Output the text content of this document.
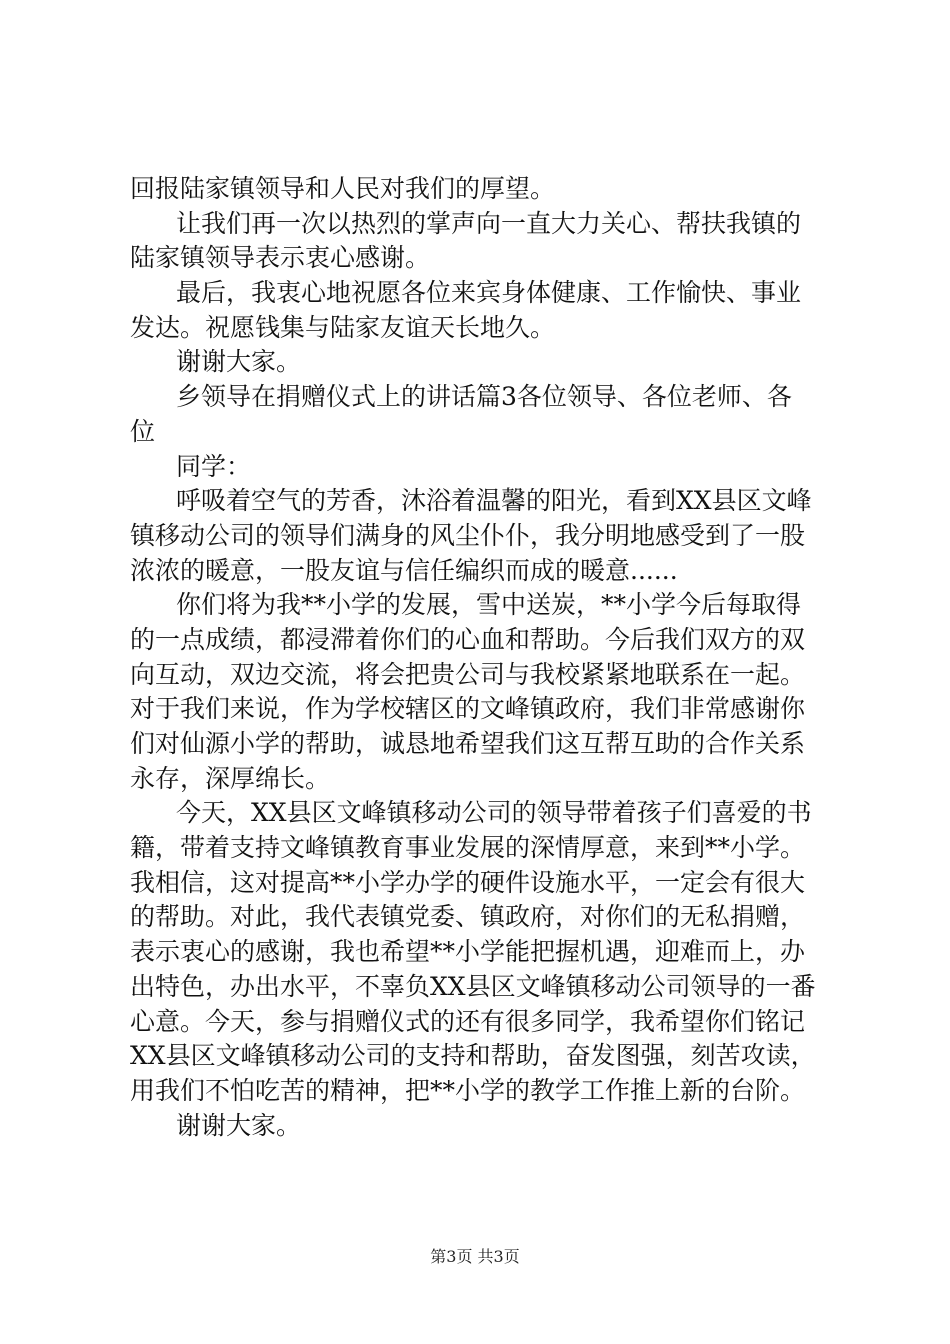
回报陆家镇领导和人民对我们的厚望。
让我们再一次以热烈的掌声向一直大力关心、帮扶我镇的
陆家镇领导表示衷心感谢。
最后，我衷心地祝愿各位来宾身体健康、工作愉快、事业
发达。祝愿钱集与陆家友谊天长地久。
谢谢大家。
乡领导在捐赠仪式上的讲话篇3各位领导、各位老师、各
位
同学：
呼吸着空气的芳香，沐浴着温馨的阳光，看到XX县区文峰
镇移动公司的领导们满身的风尘仆仆，我分明地感受到了一股
浓浓的暖意，一股友谊与信任编织而成的暖意......
你们将为我**小学的发展，雪中送炭，**小学今后每取得
的一点成绩，都浸滞着你们的心血和帮助。今后我们双方的双
向互动，双边交流，将会把贵公司与我校紧紧地联系在一起。
对于我们来说，作为学校辖区的文峰镇政府，我们非常感谢你
们对仙源小学的帮助，诚恳地希望我们这互帮互助的合作关系
永存，深厚绵长。
今天，XX县区文峰镇移动公司的领导带着孩子们喜爱的书
籍，带着支持文峰镇教育事业发展的深情厚意，来到**小学。
我相信，这对提高**小学办学的硬件设施水平，一定会有很大
的帮助。对此，我代表镇党委、镇政府，对你们的无私捐赠，
表示衷心的感谢，我也希望**小学能把握机遇，迎难而上，办
出特色，办出水平，不辜负XX县区文峰镇移动公司领导的一番
心意。今天，参与捐赠仪式的还有很多同学，我希望你们铭记
XX县区文峰镇移动公司的支持和帮助，奋发图强，刻苦攻读，
用我们不怕吃苦的精神，把**小学的教学工作推上新的台阶。
谢谢大家。
第3页 共3页
